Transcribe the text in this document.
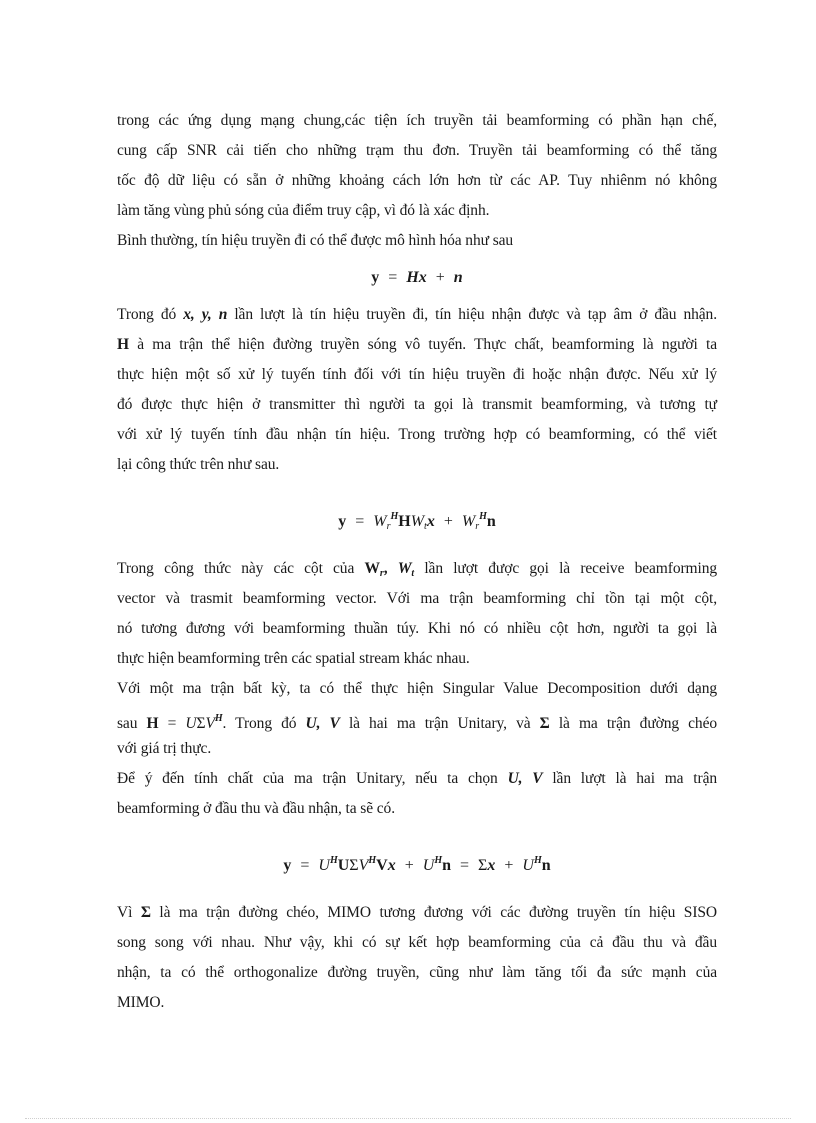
trong các ứng dụng mạng chung,các tiện ích truyền tải beamforming có phần hạn chế,
cung cấp SNR cải tiến cho những trạm thu đơn. Truyền tải beamforming có thể tăng
tốc độ dữ liệu có sẵn ở những khoảng cách lớn hơn từ các AP. Tuy nhiênm nó không
làm tăng vùng phủ sóng của điểm truy cập, vì đó là xác định.
Bình thường, tín hiệu truyền đi có thể được mô hình hóa như sau
y = Hx + n
Trong đó x, y, n lần lượt là tín hiệu truyền đi, tín hiệu nhận được và tạp âm ở đầu nhận.
H à ma trận thể hiện đường truyền sóng vô tuyến. Thực chất, beamforming là người ta
thực hiện một số xử lý tuyến tính đối với tín hiệu truyền đi hoặc nhận được. Nếu xử lý
đó được thực hiện ở transmitter thì người ta gọi là transmit beamforming, và tương tự
với xử lý tuyến tính đầu nhận tín hiệu. Trong trường hợp có beamforming, có thể viết
lại công thức trên như sau.
$y = W_r^HHW_tx + W_r^Hn$
Trong công thức này các cột của $W_r$, $W_t$ lần lượt được gọi là receive beamforming
vector và trasmit beamforming vector. Với ma trận beamforming chỉ tồn tại một cột,
nó tương đương với beamforming thuần túy. Khi nó có nhiều cột hơn, người ta gọi là
thực hiện beamforming trên các spatial stream khác nhau.
Với một ma trận bất kỳ, ta có thể thực hiện Singular Value Decomposition dưới dạng
sau $H = U\Sigma V^H$. Trong đó U, V là hai ma trận Unitary, và Σ là ma trận đường chéo
với giá trị thực.
Để ý đến tính chất của ma trận Unitary, nếu ta chọn U, V lần lượt là hai ma trận
beamforming ở đầu thu và đầu nhận, ta sẽ có.
$y = U^HU\Sigma V^HVx + U^Hn = \Sigma x + U^Hn$
Vì Σ là ma trận đường chéo, MIMO tương đương với các đường truyền tín hiệu SISO
song song với nhau. Như vậy, khi có sự kết hợp beamforming của cả đầu thu và đầu
nhận, ta có thể orthogonalize đường truyền, cũng như làm tăng tối đa sức mạnh của
MIMO.
